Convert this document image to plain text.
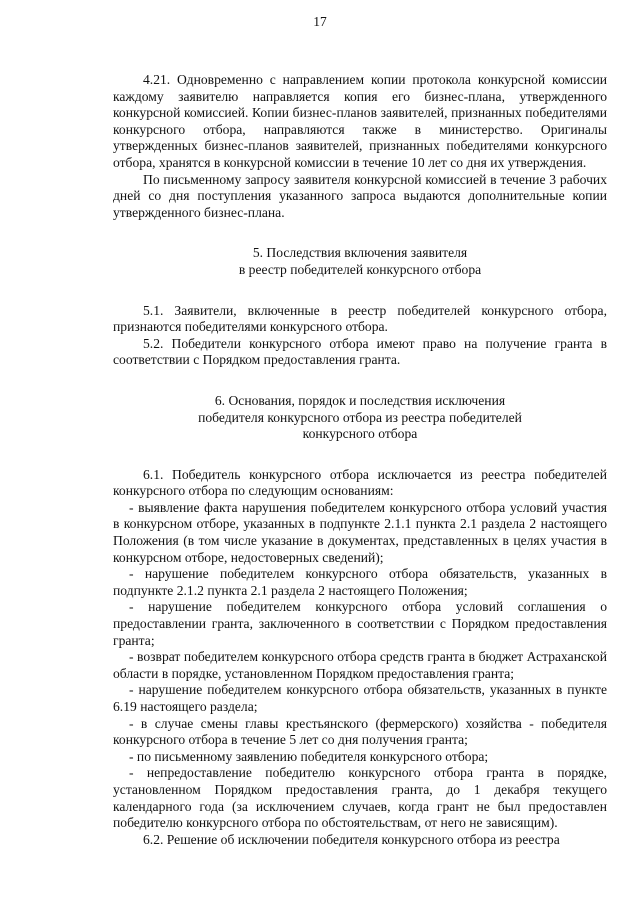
17

4.21. Одновременно с направлением копии протокола конкурсной комиссии каждому заявителю направляется копия его бизнес-плана, утвержденного конкурсной комиссией. Копии бизнес-планов заявителей, признанных победителями конкурсного отбора, направляются также в министерство. Оригиналы утвержденных бизнес-планов заявителей, признанных победителями конкурсного отбора, хранятся в конкурсной комиссии в течение 10 лет со дня их утверждения.

По письменному запросу заявителя конкурсной комиссией в течение 3 рабочих дней со дня поступления указанного запроса выдаются дополнительные копии утвержденного бизнес-плана.

5. Последствия включения заявителя
в реестр победителей конкурсного отбора

5.1. Заявители, включенные в реестр победителей конкурсного отбора, признаются победителями конкурсного отбора.

5.2. Победители конкурсного отбора имеют право на получение гранта в соответствии с Порядком предоставления гранта.

6. Основания, порядок и последствия исключения
победителя конкурсного отбора из реестра победителей
конкурсного отбора

6.1. Победитель конкурсного отбора исключается из реестра победителей конкурсного отбора по следующим основаниям:

- выявление факта нарушения победителем конкурсного отбора условий участия в конкурсном отборе, указанных в подпункте 2.1.1 пункта 2.1 раздела 2 настоящего Положения (в том числе указание в документах, представленных в целях участия в конкурсном отборе, недостоверных сведений);

- нарушение победителем конкурсного отбора обязательств, указанных в подпункте 2.1.2 пункта 2.1 раздела 2 настоящего Положения;

- нарушение победителем конкурсного отбора условий соглашения о предоставлении гранта, заключенного в соответствии с Порядком предоставления гранта;

- возврат победителем конкурсного отбора средств гранта в бюджет Астраханской области в порядке, установленном Порядком предоставления гранта;

- нарушение победителем конкурсного отбора обязательств, указанных в пункте 6.19 настоящего раздела;

- в случае смены главы крестьянского (фермерского) хозяйства - победителя конкурсного отбора в течение 5 лет со дня получения гранта;

- по письменному заявлению победителя конкурсного отбора;

- непредоставление победителю конкурсного отбора гранта в порядке, установленном Порядком предоставления гранта, до 1 декабря текущего календарного года (за исключением случаев, когда грант не был предоставлен победителю конкурсного отбора по обстоятельствам, от него не зависящим).

6.2. Решение об исключении победителя конкурсного отбора из реестра
